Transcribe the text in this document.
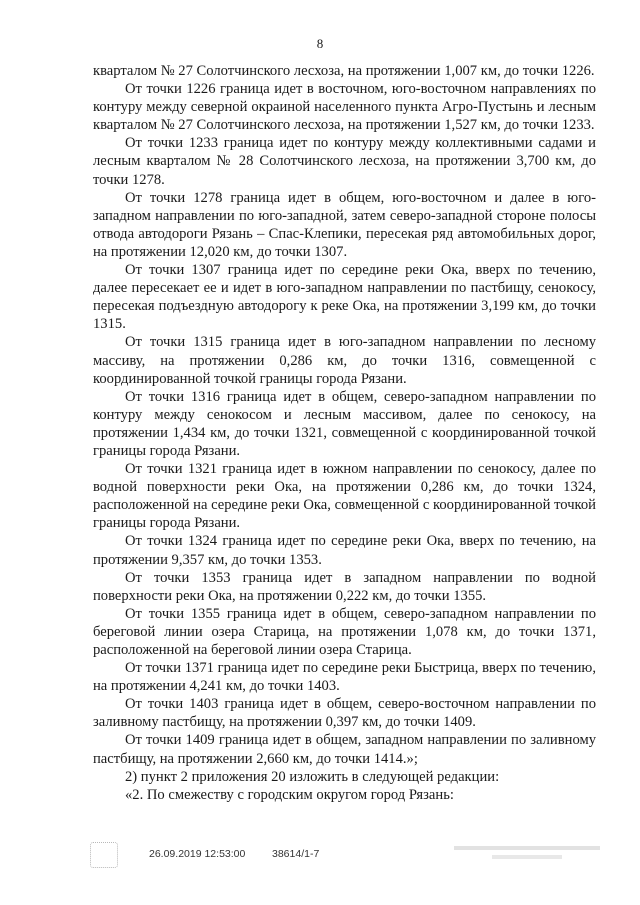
8

кварталом № 27 Солотчинского лесхоза, на протяжении 1,007 км, до точки 1226.

От точки 1226 граница идет в восточном, юго-восточном направлениях по контуру между северной окраиной населенного пункта Агро-Пустынь и лесным кварталом № 27 Солотчинского лесхоза, на протяжении 1,527 км, до точки 1233.

От точки 1233 граница идет по контуру между коллективными садами и лесным кварталом № 28 Солотчинского лесхоза, на протяжении 3,700 км, до точки 1278.

От точки 1278 граница идет в общем, юго-восточном и далее в юго-западном направлении по юго-западной, затем северо-западной стороне полосы отвода автодороги Рязань – Спас-Клепики, пересекая ряд автомобильных дорог, на протяжении 12,020 км, до точки 1307.

От точки 1307 граница идет по середине реки Ока, вверх по течению, далее пересекает ее и идет в юго-западном направлении по пастбищу, сенокосу, пересекая подъездную автодорогу к реке Ока, на протяжении 3,199 км, до точки 1315.

От точки 1315 граница идет в юго-западном направлении по лесному массиву, на протяжении 0,286 км, до точки 1316, совмещенной с координированной точкой границы города Рязани.

От точки 1316 граница идет в общем, северо-западном направлении по контуру между сенокосом и лесным массивом, далее по сенокосу, на протяжении 1,434 км, до точки 1321, совмещенной с координированной точкой границы города Рязани.

От точки 1321 граница идет в южном направлении по сенокосу, далее по водной поверхности реки Ока, на протяжении 0,286 км, до точки 1324, расположенной на середине реки Ока, совмещенной с координированной точкой границы города Рязани.

От точки 1324 граница идет по середине реки Ока, вверх по течению, на протяжении 9,357 км, до точки 1353.

От точки 1353 граница идет в западном направлении по водной поверхности реки Ока, на протяжении 0,222 км, до точки 1355.

От точки 1355 граница идет в общем, северо-западном направлении по береговой линии озера Старица, на протяжении 1,078 км, до точки 1371, расположенной на береговой линии озера Старица.

От точки 1371 граница идет по середине реки Быстрица, вверх по течению, на протяжении 4,241 км, до точки 1403.

От точки 1403 граница идет в общем, северо-восточном направлении по заливному пастбищу, на протяжении 0,397 км, до точки 1409.

От точки 1409 граница идет в общем, западном направлении по заливному пастбищу, на протяжении 2,660 км, до точки 1414.»;

2) пункт 2 приложения 20 изложить в следующей редакции:

«2. По смежеству с городским округом город Рязань:

26.09.2019 12:53:00	38614/1-7
